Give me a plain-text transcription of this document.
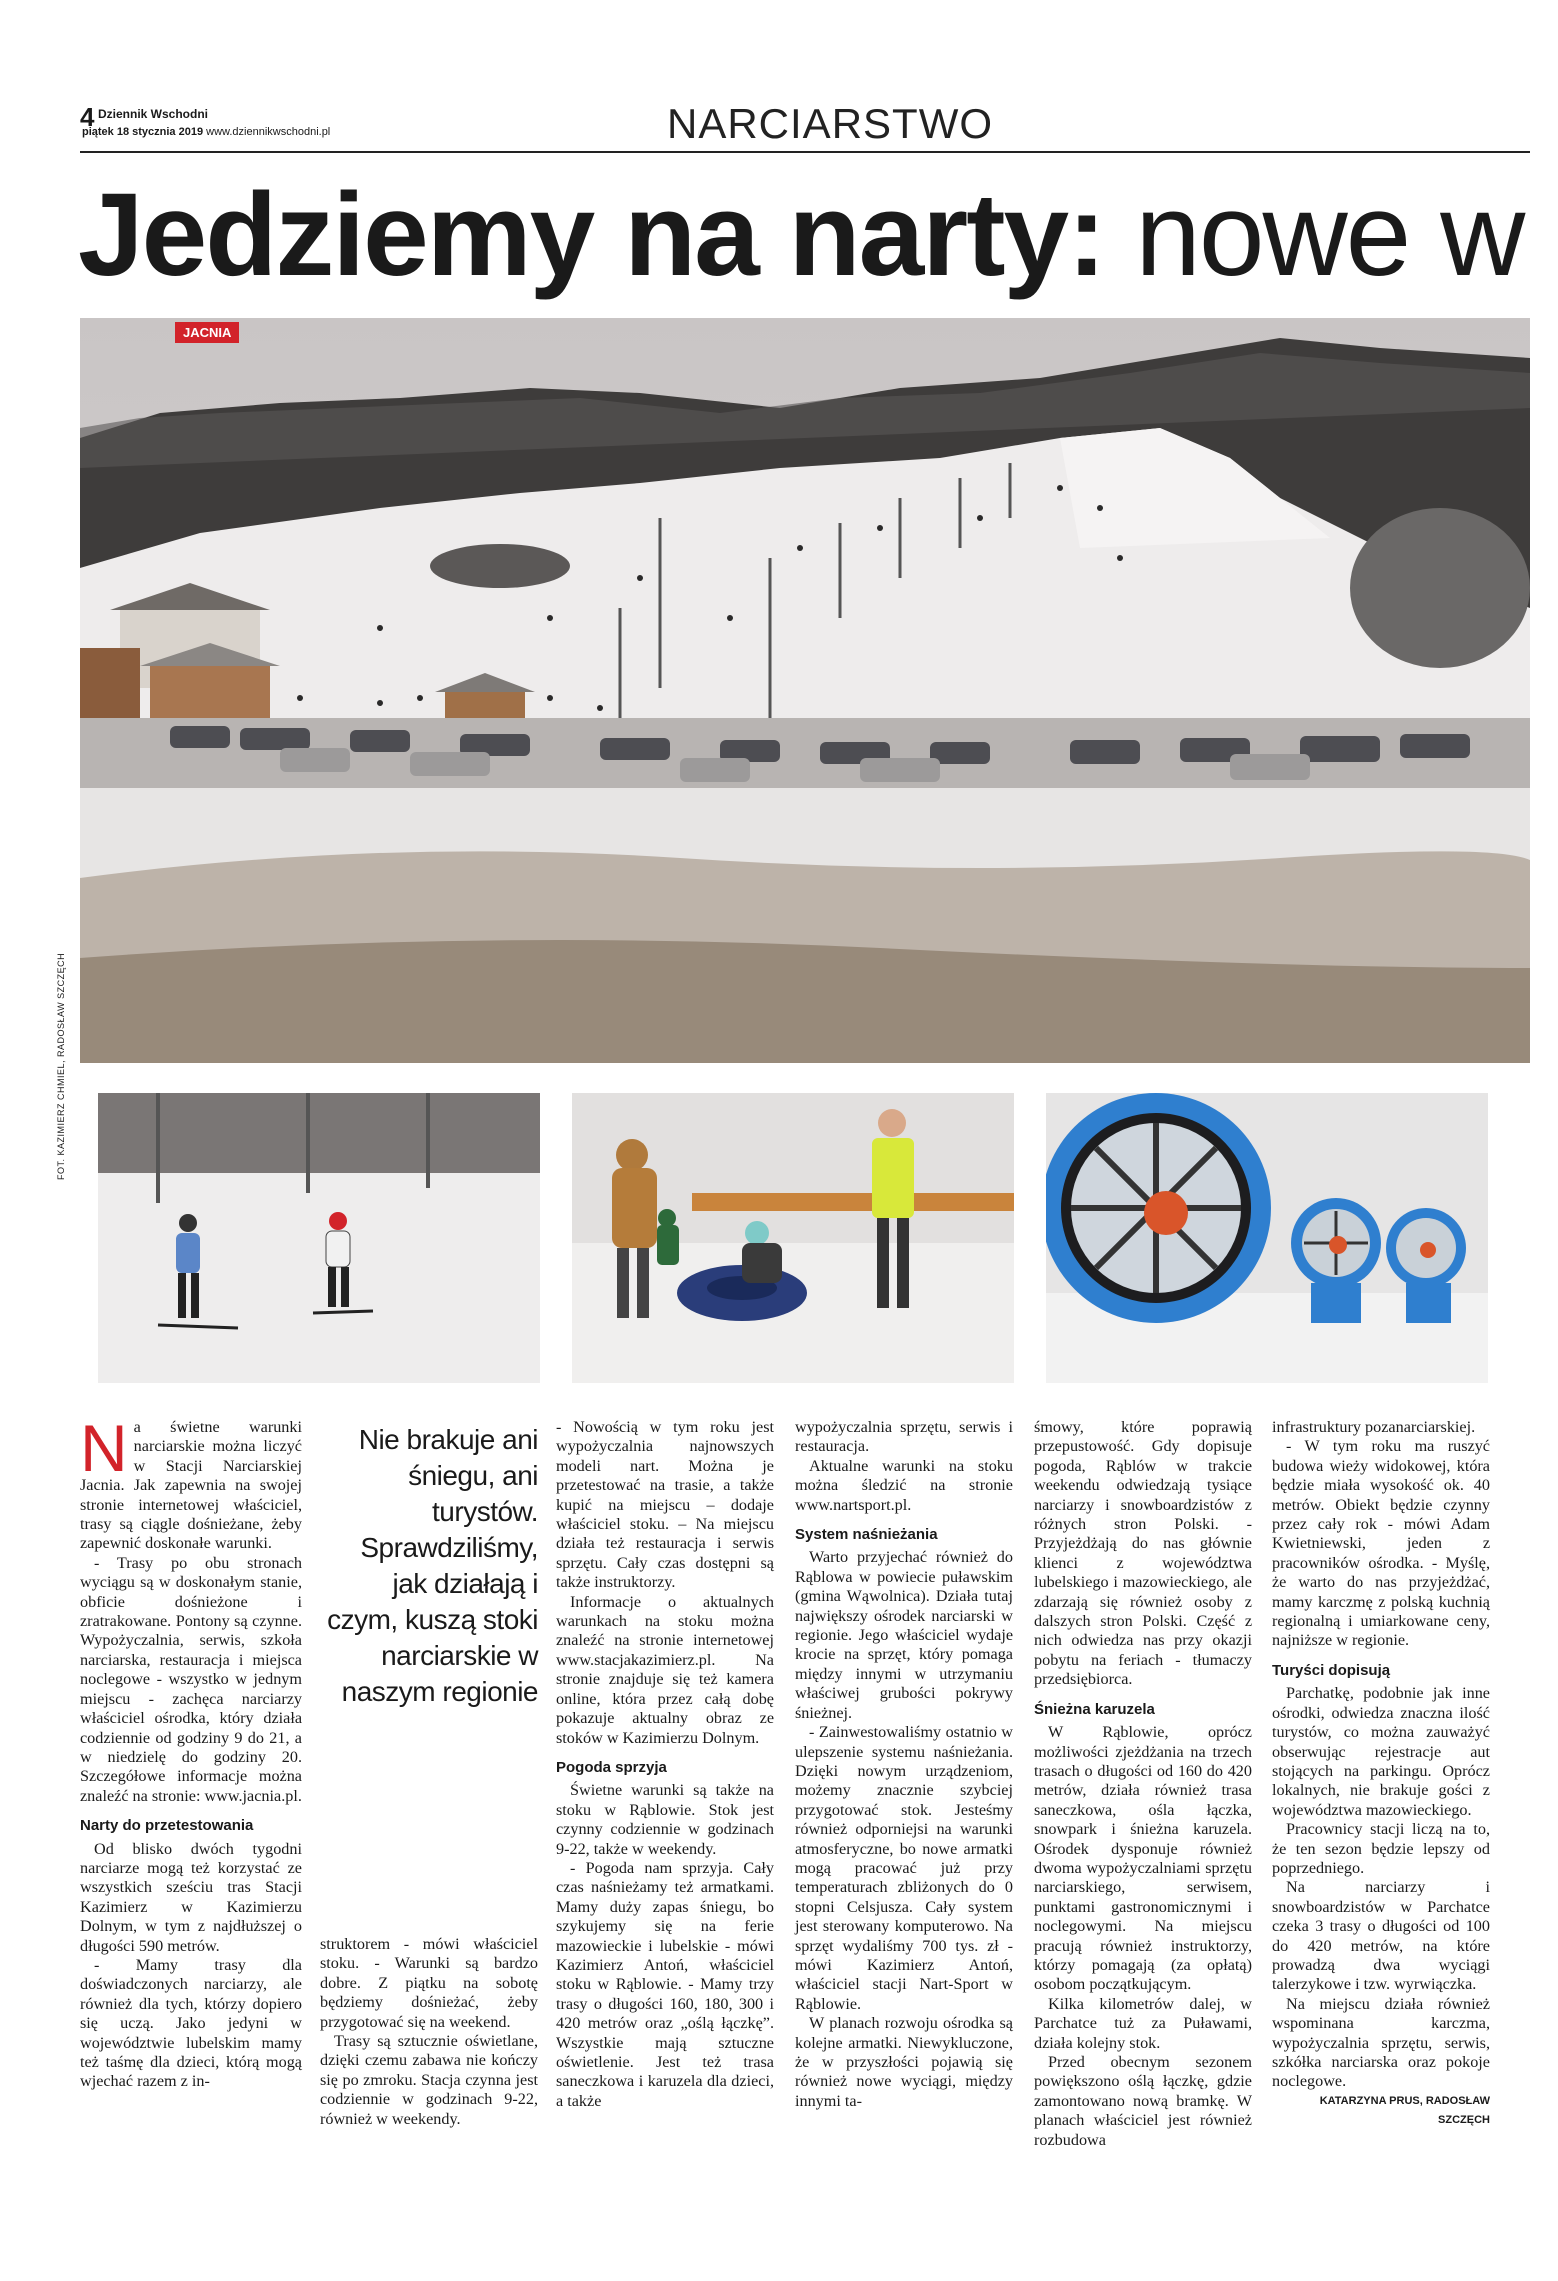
4 Dziennik Wschodni
piątek 18 stycznia 2019 www.dziennikwschodni.pl	NARCIARSTWO
Jedziemy na narty: nowe w
JACNIA
FOT. KAZIMIERZ CHMIEL, RADOSŁAW SZCZĘCH

Na świetne warunki narciarskie można liczyć w Stacji Narciarskiej Jacnia. Jak zapewnia na swojej stronie internetowej właściciel, trasy są ciągle dośnieżane, żeby zapewnić doskonałe warunki.

- Trasy po obu stronach wyciągu są w doskonałym stanie, obficie dośnieżone i zratrakowane. Pontony są czynne. Wypożyczalnia, serwis, szkoła narciarska, restauracja i miejsca noclegowe - wszystko w jednym miejscu - zachęca narciarzy właściciel ośrodka, który działa codziennie od godziny 9 do 21, a w niedzielę do godziny 20. Szczegółowe informacje można znaleźć na stronie: www.jacnia.pl.

Narty do przetestowania

Od blisko dwóch tygodni narciarze mogą też korzystać ze wszystkich sześciu tras Stacji Kazimierz w Kazimierzu Dolnym, w tym z najdłuższej o długości 590 metrów.

- Mamy trasy dla doświadczonych narciarzy, ale również dla tych, którzy dopiero się uczą. Jako jedyni w województwie lubelskim mamy też taśmę dla dzieci, którą mogą wjechać razem z in-

Nie brakuje ani śniegu, ani turystów. Sprawdziliśmy, jak działają i czym, kuszą stoki narciarskie w naszym regionie

struktorem - mówi właściciel stoku. - Warunki są bardzo dobre. Z piątku na sobotę będziemy dośnieżać, żeby przygotować się na weekend.

Trasy są sztucznie oświetlane, dzięki czemu zabawa nie kończy się po zmroku. Stacja czynna jest codziennie w godzinach 9-22, również w weekendy.

- Nowością w tym roku jest wypożyczalnia najnowszych modeli nart. Można je przetestować na trasie, a także kupić na miejscu – dodaje właściciel stoku. – Na miejscu działa też restauracja i serwis sprzętu. Cały czas dostępni są także instruktorzy.

Informacje o aktualnych warunkach na stoku można znaleźć na stronie internetowej www.stacjakazimierz.pl. Na stronie znajduje się też kamera online, która przez całą dobę pokazuje aktualny obraz ze stoków w Kazimierzu Dolnym.

Pogoda sprzyja

Świetne warunki są także na stoku w Rąblowie. Stok jest czynny codziennie w godzinach 9-22, także w weekendy.

- Pogoda nam sprzyja. Cały czas naśnieżamy też armatkami. Mamy duży zapas śniegu, bo szykujemy się na ferie mazowieckie i lubelskie - mówi Kazimierz Antoń, właściciel stoku w Rąblowie. - Mamy trzy trasy o długości 160, 180, 300 i 420 metrów oraz „oślą łączkę”. Wszystkie mają sztuczne oświetlenie. Jest też trasa saneczkowa i karuzela dla dzieci, a także

wypożyczalnia sprzętu, serwis i restauracja.

Aktualne warunki na stoku można śledzić na stronie www.nartsport.pl.

System naśnieżania

Warto przyjechać również do Rąblowa w powiecie puławskim (gmina Wąwolnica). Działa tutaj największy ośrodek narciarski w regionie. Jego właściciel wydaje krocie na sprzęt, który pomaga między innymi w utrzymaniu właściwej grubości pokrywy śnieżnej.

- Zainwestowaliśmy ostatnio w ulepszenie systemu naśnieżania. Dzięki nowym urządzeniom, możemy znacznie szybciej przygotować stok. Jesteśmy również odporniejsi na warunki atmosferyczne, bo nowe armatki mogą pracować już przy temperaturach zbliżonych do 0 stopni Celsjusza. Cały system jest sterowany komputerowo. Na sprzęt wydaliśmy 700 tys. zł - mówi Kazimierz Antoń, właściciel stacji Nart-Sport w Rąblowie.

W planach rozwoju ośrodka są kolejne armatki. Niewykluczone, że w przyszłości pojawią się również nowe wyciągi, między innymi ta-

śmowy, które poprawią przepustowość. Gdy dopisuje pogoda, Rąblów w trakcie weekendu odwiedzają tysiące narciarzy i snowboardzistów z różnych stron Polski. - Przyjeżdżają do nas głównie klienci z województwa lubelskiego i mazowieckiego, ale zdarzają się również osoby z dalszych stron Polski. Część z nich odwiedza nas przy okazji pobytu na feriach - tłumaczy przedsiębiorca.

Śnieżna karuzela

W Rąblowie, oprócz możliwości zjeżdżania na trzech trasach o długości od 160 do 420 metrów, działa również trasa saneczkowa, ośla łączka, snowpark i śnieżna karuzela. Ośrodek dysponuje również dwoma wypożyczalniami sprzętu narciarskiego, serwisem, punktami gastronomicznymi i noclegowymi. Na miejscu pracują również instruktorzy, którzy pomagają (za opłatą) osobom początkującym.

Kilka kilometrów dalej, w Parchatce tuż za Puławami, działa kolejny stok.

Przed obecnym sezonem powiększono oślą łączkę, gdzie zamontowano nową bramkę. W planach właściciel jest również rozbudowa

infrastruktury pozanarciarskiej.

- W tym roku ma ruszyć budowa wieży widokowej, która będzie miała wysokość ok. 40 metrów. Obiekt będzie czynny przez cały rok - mówi Adam Kwietniewski, jeden z pracowników ośrodka. - Myślę, że warto do nas przyjeżdżać, mamy karczmę z polską kuchnią regionalną i umiarkowane ceny, najniższe w regionie.

Turyści dopisują

Parchatkę, podobnie jak inne ośrodki, odwiedza znaczna ilość turystów, co można zauważyć obserwując rejestracje aut stojących na parkingu. Oprócz lokalnych, nie brakuje gości z województwa mazowieckiego.

Pracownicy stacji liczą na to, że ten sezon będzie lepszy od poprzedniego.

Na narciarzy i snowboardzistów w Parchatce czeka 3 trasy o długości od 100 do 420 metrów, na które prowadzą dwa wyciągi talerzykowe i tzw. wyrwiączka.

Na miejscu działa również wspominana karczma, wypożyczalnia sprzętu, serwis, szkółka narciarska oraz pokoje noclegowe.

KATARZYNA PRUS, RADOSŁAW SZCZĘCH
